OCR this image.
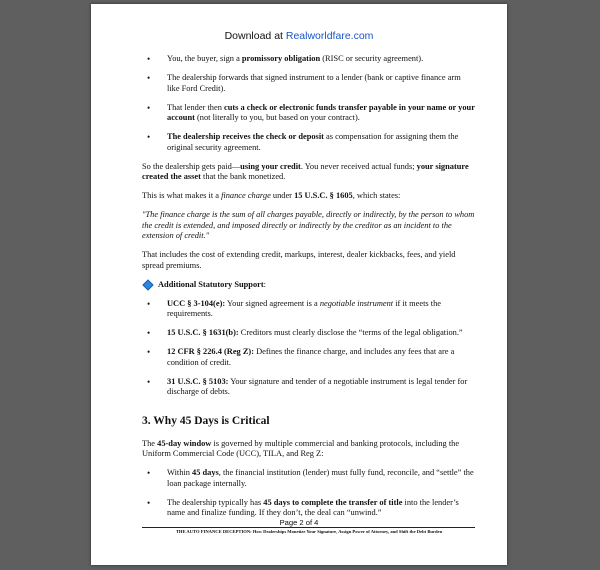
Download at Realworldfare.com
• You, the buyer, sign a promissory obligation (RISC or security agreement).
• The dealership forwards that signed instrument to a lender (bank or captive finance arm like Ford Credit).
• That lender then cuts a check or electronic funds transfer payable in your name or your account (not literally to you, but based on your contract).
• The dealership receives the check or deposit as compensation for assigning them the original security agreement.

So the dealership gets paid—using your credit. You never received actual funds; your signature created the asset that the bank monetized.

This is what makes it a finance charge under 15 U.S.C. § 1605, which states:

"The finance charge is the sum of all charges payable, directly or indirectly, by the person to whom the credit is extended, and imposed directly or indirectly by the creditor as an incident to the extension of credit."

That includes the cost of extending credit, markups, interest, dealer kickbacks, fees, and yield spread premiums.

Additional Statutory Support :
• UCC § 3-104(e): Your signed agreement is a negotiable instrument if it meets the requirements.
• 15 U.S.C. § 1631(b): Creditors must clearly disclose the “terms of the legal obligation.”
• 12 CFR § 226.4 (Reg Z): Defines the finance charge, and includes any fees that are a condition of credit.
• 31 U.S.C. § 5103: Your signature and tender of a negotiable instrument is legal tender for discharge of debts.
3. Why 45 Days is Critical

The 45-day window is governed by multiple commercial and banking protocols, including the Uniform Commercial Code (UCC), TILA, and Reg Z:

• Within 45 days, the financial institution (lender) must fully fund, reconcile, and “settle” the loan package internally.
• The dealership typically has 45 days to complete the transfer of title into the lender’s name and finalize funding. If they don’t, the deal can “unwind.”
Page 2 of 4
THE AUTO FINANCE DECEPTION: How Dealerships Monetize Your Signature, Assign Power of Attorney, and Shift the Debt Burden
